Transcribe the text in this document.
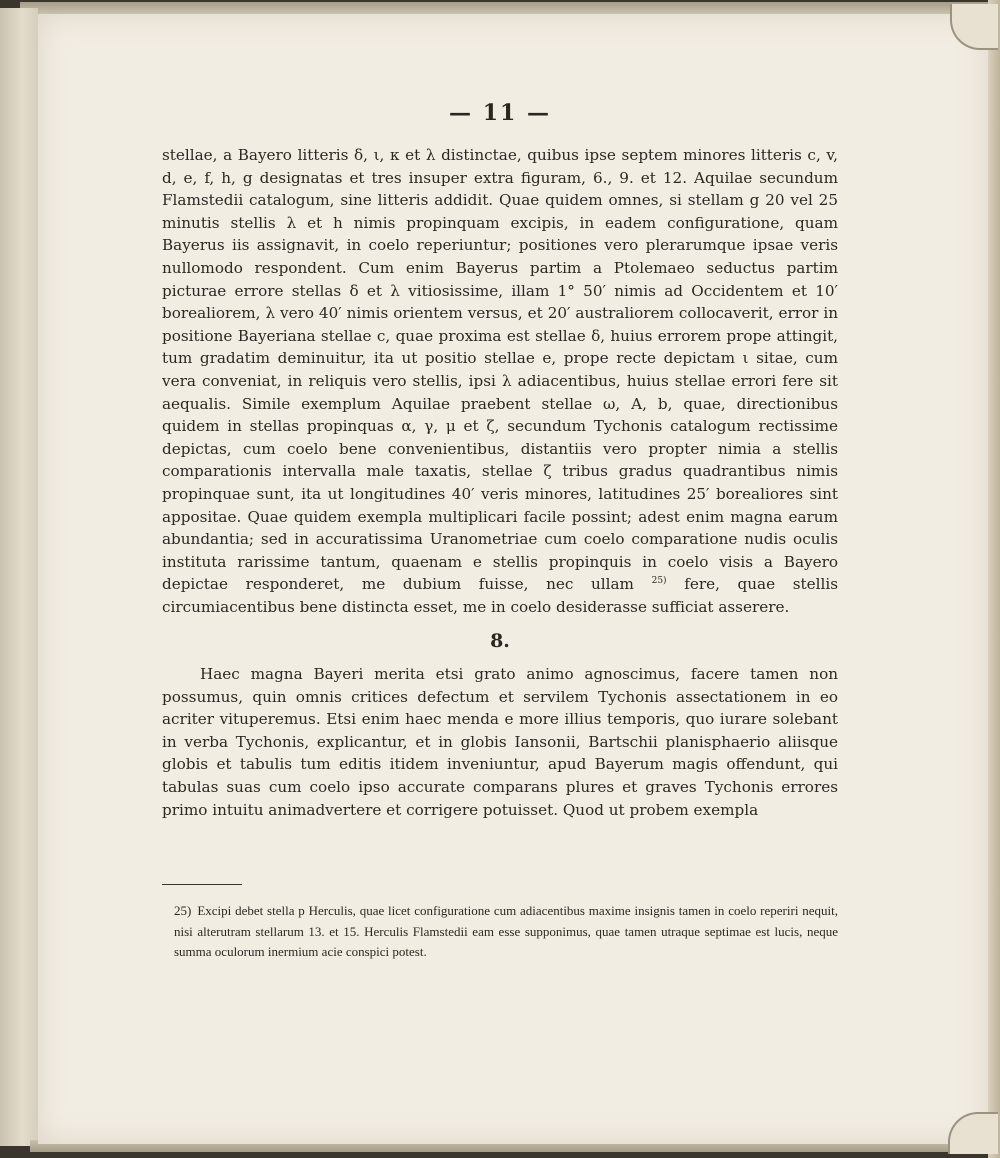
— 11 —

stellae, a Bayero litteris δ, ι, κ et λ distinctae, quibus ipse septem minores litteris c, v, d, e, f, h, g designatas et tres insuper extra figuram, 6., 9. et 12. Aquilae secundum Flamstedii catalogum, sine litteris addidit. Quae quidem omnes, si stellam g 20 vel 25 minutis stellis λ et h nimis propinquam excipis, in eadem configuratione, quam Bayerus iis assignavit, in coelo reperiuntur; positiones vero plerarumque ipsae veris nullomodo respondent. Cum enim Bayerus partim a Ptolemaeo seductus partim picturae errore stellas δ et λ vitiosissime, illam 1° 50′ nimis ad Occidentem et 10′ borealiorem, λ vero 40′ nimis orientem versus, et 20′ australiorem collocaverit, error in positione Bayeriana stellae c, quae proxima est stellae δ, huius errorem prope attingit, tum gradatim deminuitur, ita ut positio stellae e, prope recte depictam ι sitae, cum vera conveniat, in reliquis vero stellis, ipsi λ adiacentibus, huius stellae errori fere sit aequalis. Simile exemplum Aquilae praebent stellae ω, A, b, quae, directionibus quidem in stellas propinquas α, γ, μ et ζ, secundum Tychonis catalogum rectissime depictas, cum coelo bene convenientibus, distantiis vero propter nimia a stellis comparationis intervalla male taxatis, stellae ζ tribus gradus quadrantibus nimis propinquae sunt, ita ut longitudines 40′ veris minores, latitudines 25′ borealiores sint appositae. Quae quidem exempla multiplicari facile possint; adest enim magna earum abundantia; sed in accuratissima Uranometriae cum coelo comparatione nudis oculis instituta rarissime tantum, quaenam e stellis propinquis in coelo visis a Bayero depictae responderet, me dubium fuisse, nec ullam $^{25)}$ fere, quae stellis circumiacentibus bene distincta esset, me in coelo desiderasse sufficiat asserere.

8.

Haec magna Bayeri merita etsi grato animo agnoscimus, facere tamen non possumus, quin omnis critices defectum et servilem Tychonis assectationem in eo acriter vituperemus. Etsi enim haec menda e more illius temporis, quo iurare solebant in verba Tychonis, explicantur, et in globis Iansonii, Bartschii planisphaerio aliisque globis et tabulis tum editis itidem inveniuntur, apud Bayerum magis offendunt, qui tabulas suas cum coelo ipso accurate comparans plures et graves Tychonis errores primo intuitu animadvertere et corrigere potuisset. Quod ut probem exempla

25) Excipi debet stella p Herculis, quae licet configuratione cum adiacentibus maxime insignis tamen in coelo reperiri nequit, nisi alterutram stellarum 13. et 15. Herculis Flamstedii eam esse supponimus, quae tamen utraque septimae est lucis, neque summa oculorum inermium acie conspici potest.
